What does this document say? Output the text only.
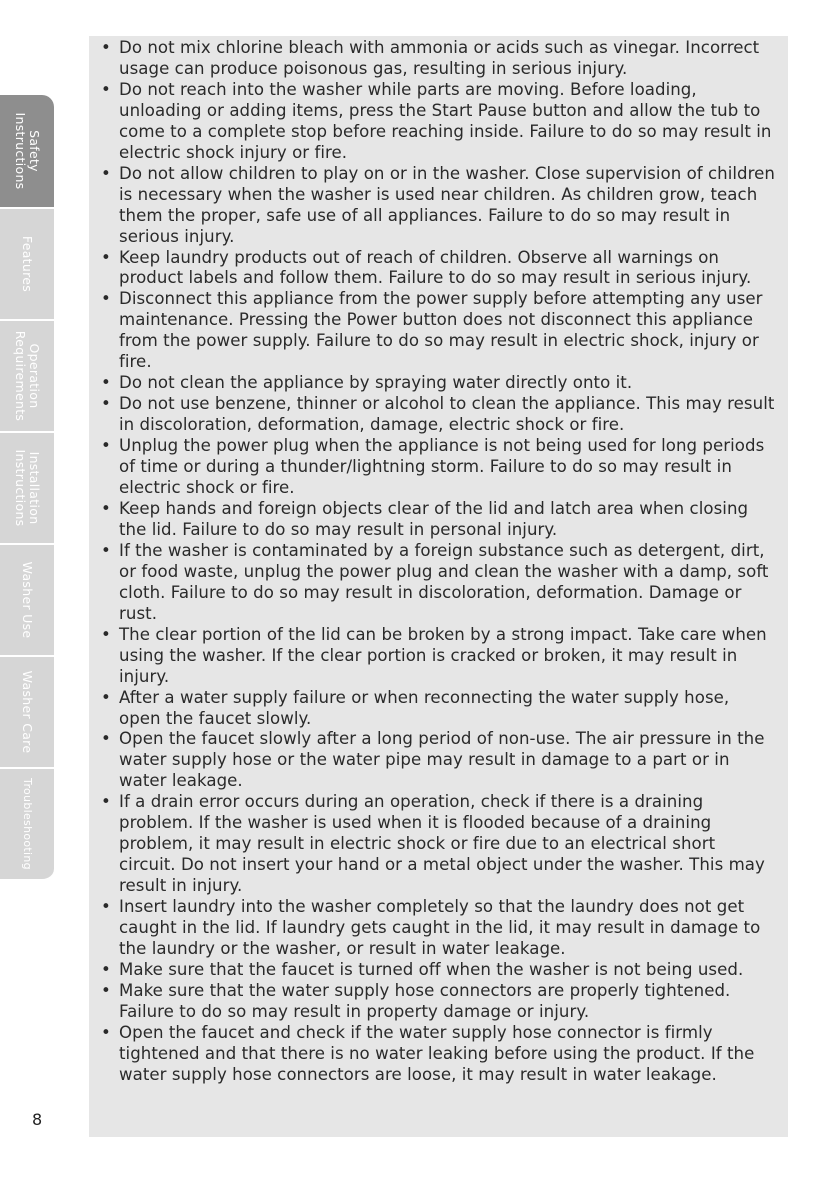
Safety Instructions
Features
Operation Requirements
Installation Instructions
Washer Use
Washer Care
Troubleshooting
• Do not mix chlorine bleach with ammonia or acids such as vinegar. Incorrect usage can produce poisonous gas, resulting in serious injury.
• Do not reach into the washer while parts are moving. Before loading, unloading or adding items, press the Start Pause button and allow the tub to come to a complete stop before reaching inside. Failure to do so may result in electric shock injury or fire.
• Do not allow children to play on or in the washer. Close supervision of children is necessary when the washer is used near children. As children grow, teach them the proper, safe use of all appliances. Failure to do so may result in serious injury.
• Keep laundry products out of reach of children. Observe all warnings on product labels and follow them. Failure to do so may result in serious injury.
• Disconnect this appliance from the power supply before attempting any user maintenance. Pressing the Power button does not disconnect this appliance from the power supply. Failure to do so may result in electric shock, injury or fire.
• Do not clean the appliance by spraying water directly onto it.
• Do not use benzene, thinner or alcohol to clean the appliance. This may result in discoloration, deformation, damage, electric shock or fire.
• Unplug the power plug when the appliance is not being used for long periods of time or during a thunder/lightning storm. Failure to do so may result in electric shock or fire.
• Keep hands and foreign objects clear of the lid and latch area when closing the lid. Failure to do so may result in personal injury.
• If the washer is contaminated by a foreign substance such as detergent, dirt, or food waste, unplug the power plug and clean the washer with a damp, soft cloth. Failure to do so may result in discoloration, deformation. Damage or rust.
• The clear portion of the lid can be broken by a strong impact. Take care when using the washer. If the clear portion is cracked or broken, it may result in injury.
• After a water supply failure or when reconnecting the water supply hose, open the faucet slowly.
• Open the faucet slowly after a long period of non-use. The air pressure in the water supply hose or the water pipe may result in damage to a part or in water leakage.
• If a drain error occurs during an operation, check if there is a draining problem. If the washer is used when it is flooded because of a draining problem, it may result in electric shock or fire due to an electrical short circuit. Do not insert your hand or a metal object under the washer. This may result in injury.
• Insert laundry into the washer completely so that the laundry does not get caught in the lid. If laundry gets caught in the lid, it may result in damage to the laundry or the washer, or result in water leakage.
• Make sure that the faucet is turned off when the washer is not being used.
• Make sure that the water supply hose connectors are properly tightened. Failure to do so may result in property damage or injury.
• Open the faucet and check if the water supply hose connector is firmly tightened and that there is no water leaking before using the product. If the water supply hose connectors are loose, it may result in water leakage.
8
